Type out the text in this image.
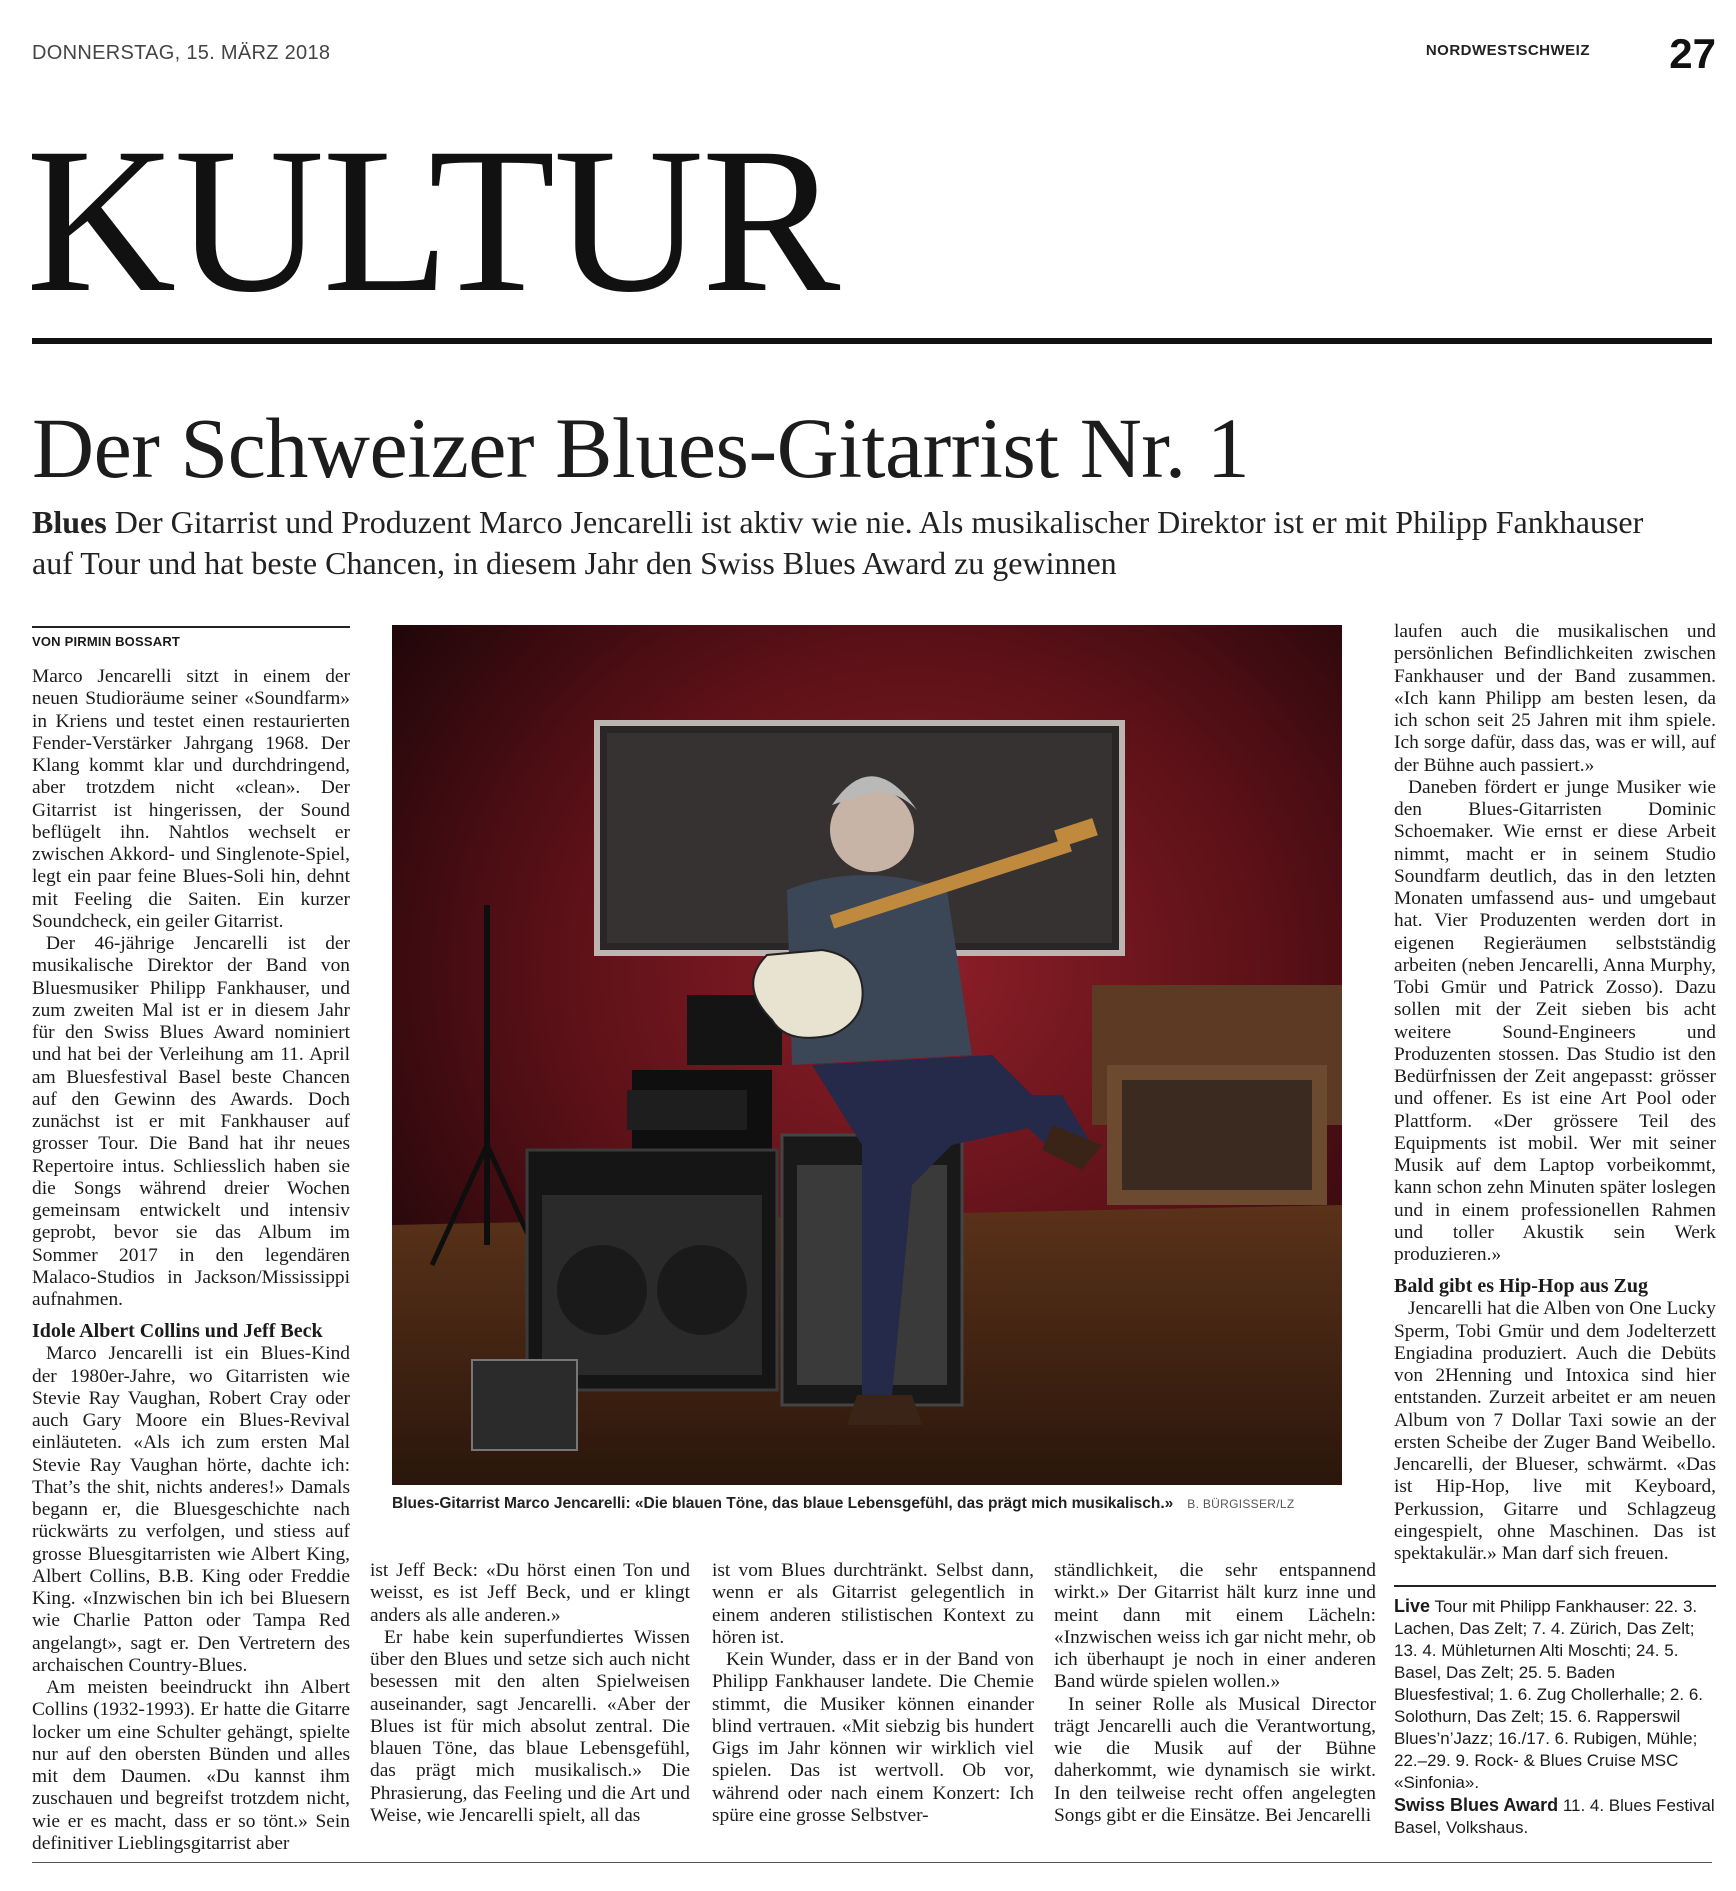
DONNERSTAG, 15. MÄRZ 2018	NORDWESTSCHWEIZ	27
KULTUR
Der Schweizer Blues-Gitarrist Nr. 1
Blues Der Gitarrist und Produzent Marco Jencarelli ist aktiv wie nie. Als musikalischer Direktor ist er mit Philipp Fankhauser auf Tour und hat beste Chancen, in diesem Jahr den Swiss Blues Award zu gewinnen
VON PIRMIN BOSSART

Marco Jencarelli sitzt in einem der neuen Studioräume seiner «Soundfarm» in Kriens und testet einen restaurierten Fender-Verstärker Jahrgang 1968. Der Klang kommt klar und durchdringend, aber trotzdem nicht «clean». Der Gitarrist ist hingerissen, der Sound beflügelt ihn. Nahtlos wechselt er zwischen Akkord- und Singlenote-Spiel, legt ein paar feine Blues-Soli hin, dehnt mit Feeling die Saiten. Ein kurzer Soundcheck, ein geiler Gitarrist.

Der 46-jährige Jencarelli ist der musikalische Direktor der Band von Bluesmusiker Philipp Fankhauser, und zum zweiten Mal ist er in diesem Jahr für den Swiss Blues Award nominiert und hat bei der Verleihung am 11. April am Bluesfestival Basel beste Chancen auf den Gewinn des Awards. Doch zunächst ist er mit Fankhauser auf grosser Tour. Die Band hat ihr neues Repertoire intus. Schliesslich haben sie die Songs während dreier Wochen gemeinsam entwickelt und intensiv geprobt, bevor sie das Album im Sommer 2017 in den legendären Malaco-Studios in Jackson/Mississippi aufnahmen.

Idole Albert Collins und Jeff Beck

Marco Jencarelli ist ein Blues-Kind der 1980er-Jahre, wo Gitarristen wie Stevie Ray Vaughan, Robert Cray oder auch Gary Moore ein Blues-Revival einläuteten. «Als ich zum ersten Mal Stevie Ray Vaughan hörte, dachte ich: That’s the shit, nichts anderes!» Damals begann er, die Bluesgeschichte nach rückwärts zu verfolgen, und stiess auf grosse Bluesgitarristen wie Albert King, Albert Collins, B.B. King oder Freddie King. «Inzwischen bin ich bei Bluesern wie Charlie Patton oder Tampa Red angelangt», sagt er. Den Vertretern des archaischen Country-Blues.

Am meisten beeindruckt ihn Albert Collins (1932-1993). Er hatte die Gitarre locker um eine Schulter gehängt, spielte nur auf den obersten Bünden und alles mit dem Daumen. «Du kannst ihm zuschauen und begreifst trotzdem nicht, wie er es macht, dass er so tönt.» Sein definitiver Lieblingsgitarrist aber

Blues-Gitarrist Marco Jencarelli: «Die blauen Töne, das blaue Lebensgefühl, das prägt mich musikalisch.» B. BÜRGISSER/LZ

ist Jeff Beck: «Du hörst einen Ton und weisst, es ist Jeff Beck, und er klingt anders als alle anderen.»

Er habe kein superfundiertes Wissen über den Blues und setze sich auch nicht besessen mit den alten Spielweisen auseinander, sagt Jencarelli. «Aber der Blues ist für mich absolut zentral. Die blauen Töne, das blaue Lebensgefühl, das prägt mich musikalisch.» Die Phrasierung, das Feeling und die Art und Weise, wie Jencarelli spielt, all das

ist vom Blues durchtränkt. Selbst dann, wenn er als Gitarrist gelegentlich in einem anderen stilistischen Kontext zu hören ist.

Kein Wunder, dass er in der Band von Philipp Fankhauser landete. Die Chemie stimmt, die Musiker können einander blind vertrauen. «Mit siebzig bis hundert Gigs im Jahr können wir wirklich viel spielen. Das ist wertvoll. Ob vor, während oder nach einem Konzert: Ich spüre eine grosse Selbstver-

ständlichkeit, die sehr entspannend wirkt.» Der Gitarrist hält kurz inne und meint dann mit einem Lächeln: «Inzwischen weiss ich gar nicht mehr, ob ich überhaupt je noch in einer anderen Band würde spielen wollen.»

In seiner Rolle als Musical Director trägt Jencarelli auch die Verantwortung, wie die Musik auf der Bühne daherkommt, wie dynamisch sie wirkt. In den teilweise recht offen angelegten Songs gibt er die Einsätze. Bei Jencarelli

laufen auch die musikalischen und persönlichen Befindlichkeiten zwischen Fankhauser und der Band zusammen. «Ich kann Philipp am besten lesen, da ich schon seit 25 Jahren mit ihm spiele. Ich sorge dafür, dass das, was er will, auf der Bühne auch passiert.»

Daneben fördert er junge Musiker wie den Blues-Gitarristen Dominic Schoemaker. Wie ernst er diese Arbeit nimmt, macht er in seinem Studio Soundfarm deutlich, das in den letzten Monaten umfassend aus- und umgebaut hat. Vier Produzenten werden dort in eigenen Regieräumen selbstständig arbeiten (neben Jencarelli, Anna Murphy, Tobi Gmür und Patrick Zosso). Dazu sollen mit der Zeit sieben bis acht weitere Sound-Engineers und Produzenten stossen. Das Studio ist den Bedürfnissen der Zeit angepasst: grösser und offener. Es ist eine Art Pool oder Plattform. «Der grössere Teil des Equipments ist mobil. Wer mit seiner Musik auf dem Laptop vorbeikommt, kann schon zehn Minuten später loslegen und in einem professionellen Rahmen und toller Akustik sein Werk produzieren.»

Bald gibt es Hip-Hop aus Zug

Jencarelli hat die Alben von One Lucky Sperm, Tobi Gmür und dem Jodelterzett Engiadina produziert. Auch die Debüts von 2Henning und Intoxica sind hier entstanden. Zurzeit arbeitet er am neuen Album von 7 Dollar Taxi sowie an der ersten Scheibe der Zuger Band Weibello. Jencarelli, der Blueser, schwärmt. «Das ist Hip-Hop, live mit Keyboard, Perkussion, Gitarre und Schlagzeug eingespielt, ohne Maschinen. Das ist spektakulär.» Man darf sich freuen.

Live Tour mit Philipp Fankhauser: 22. 3. Lachen, Das Zelt; 7. 4. Zürich, Das Zelt; 13. 4. Mühleturnen Alti Moschti; 24. 5. Basel, Das Zelt; 25. 5. Baden Bluesfestival; 1. 6. Zug Chollerhalle; 2. 6. Solothurn, Das Zelt; 15. 6. Rapperswil Blues’n’Jazz; 16./17. 6. Rubigen, Mühle; 22.–29. 9. Rock- & Blues Cruise MSC «Sinfonia».
Swiss Blues Award 11. 4. Blues Festival Basel, Volkshaus.
